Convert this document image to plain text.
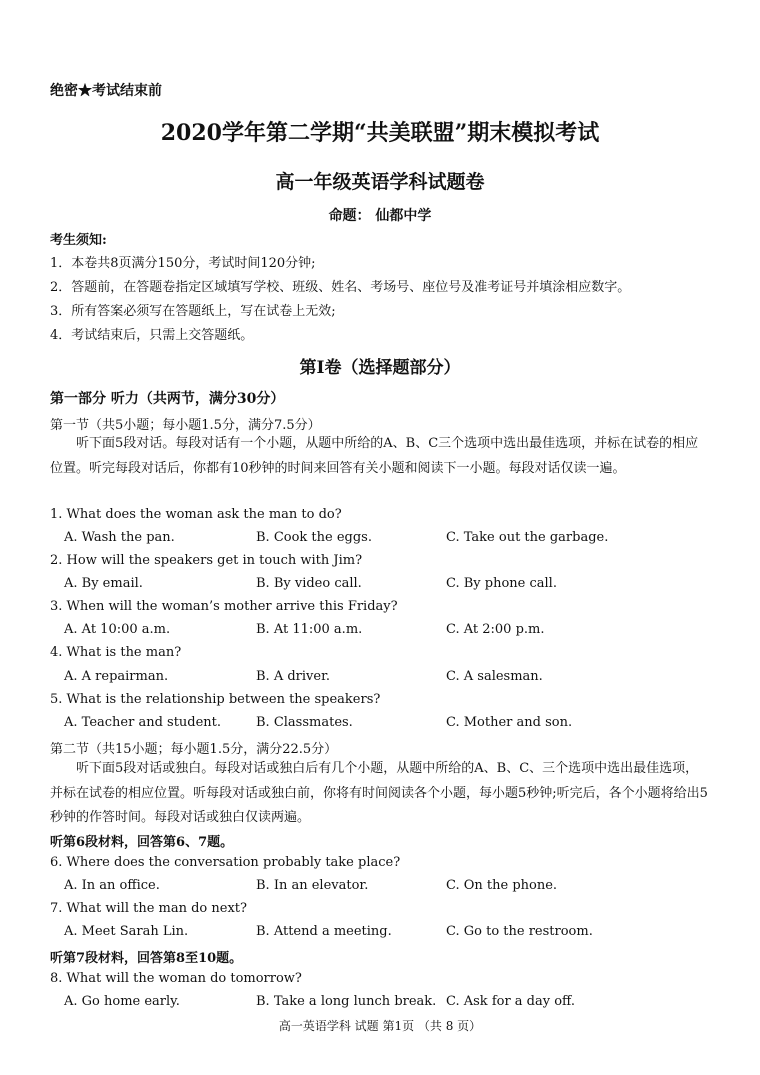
绝密★考试结束前
2020学年第二学期“共美联盟”期末模拟考试
高一年级英语学科试题卷
命题： 仙都中学
考生须知:
1．本卷共8页满分150分，考试时间120分钟;
2．答题前，在答题卷指定区域填写学校、班级、姓名、考场号、座位号及准考证号并填涂相应数字。
3．所有答案必须写在答题纸上，写在试卷上无效;
4．考试结束后，只需上交答题纸。
第I卷（选择题部分）
第一部分 听力（共两节，满分30分）
第一节（共5小题；每小题1.5分，满分7.5分）
听下面5段对话。每段对话有一个小题，从题中所给的A、B、C三个选项中选出最佳选项，并标在试卷的相应位置。听完每段对话后，你都有10秒钟的时间来回答有关小题和阅读下一小题。每段对话仅读一遍。
1. What does the woman ask the man to do?
A. Wash the pan.	B. Cook the eggs.	C. Take out the garbage.
2. How will the speakers get in touch with Jim?
A. By email.	B. By video call.	C. By phone call.
3. When will the woman’s mother arrive this Friday?
A. At 10:00 a.m.	B. At 11:00 a.m.	C. At 2:00 p.m.
4. What is the man?
A. A repairman.	B. A driver.	C. A salesman.
5. What is the relationship between the speakers?
A. Teacher and student.	B. Classmates.	C. Mother and son.
第二节（共15小题；每小题1.5分，满分22.5分）
听下面5段对话或独白。每段对话或独白后有几个小题，从题中所给的A、B、C、三个选项中选出最佳选项，并标在试卷的相应位置。听每段对话或独白前，你将有时间阅读各个小题，每小题5秒钟;听完后，各个小题将给出5秒钟的作答时间。每段对话或独白仅读两遍。
听第6段材料，回答第6、7题。
6. Where does the conversation probably take place?
A. In an office.	B. In an elevator.	C. On the phone.
7. What will the man do next?
A. Meet Sarah Lin.	B. Attend a meeting.	C. Go to the restroom.
听第7段材料，回答第8至10题。
8. What will the woman do tomorrow?
A. Go home early.	B. Take a long lunch break. C. Ask for a day off.
高一英语学科 试题 第1页 （共 8 页）
